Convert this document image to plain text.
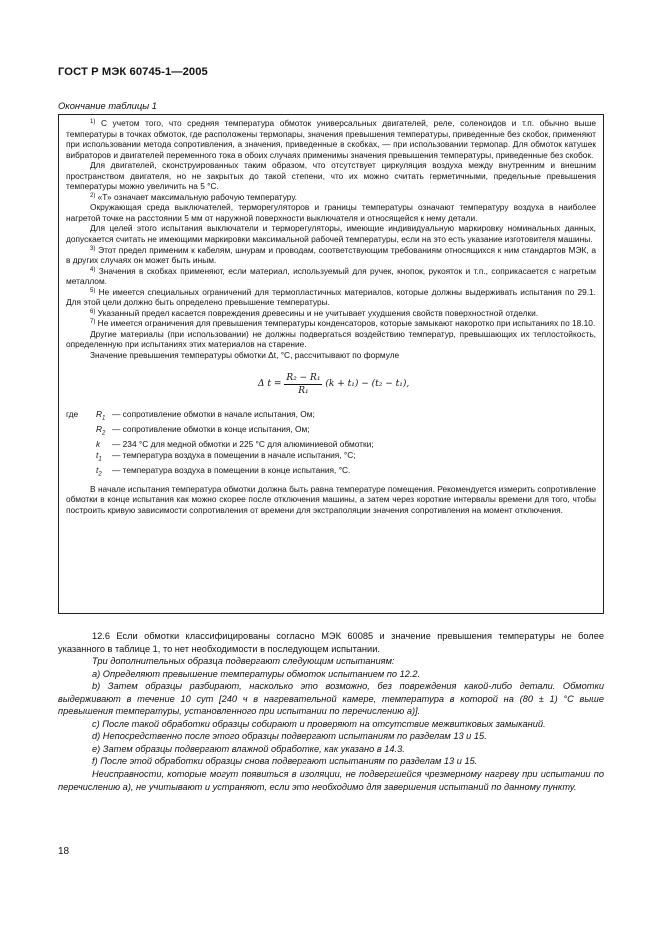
ГОСТ Р МЭК 60745-1—2005
Окончание таблицы 1

$^{1)}$ С учетом того, что средняя температура обмоток универсальных двигателей, реле, соленоидов и т.п. обычно выше температуры в точках обмоток, где расположены термопары, значения превышения температуры, приведенные без скобок, применяют при использовании метода сопротивления, а значения, приведенные в скобках, — при использовании термопар. Для обмоток катушек вибраторов и двигателей переменного тока в обоих случаях применимы значения превышения температуры, приведенные без скобок.

Для двигателей, сконструированных таким образом, что отсутствует циркуляция воздуха между внутренним и внешним пространством двигателя, но не закрытых до такой степени, что их можно считать герметичными, предельные превышения температуры можно увеличить на 5 °С.

$^{2)}$ «Т» означает максимальную рабочую температуру.

Окружающая среда выключателей, терморегуляторов и границы температуры означают температуру воздуха в наиболее нагретой точке на расстоянии 5 мм от наружной поверхности выключателя и относящейся к нему детали.

Для целей этого испытания выключатели и терморегуляторы, имеющие индивидуальную маркировку номинальных данных, допускается считать не имеющими маркировки максимальной рабочей температуры, если на это есть указание изготовителя машины.

$^{3)}$ Этот предел применим к кабелям, шнурам и проводам, соответствующим требованиям относящихся к ним стандартов МЭК, а в других случаях он может быть иным.

$^{4)}$ Значения в скобках применяют, если материал, используемый для ручек, кнопок, рукояток и т.п., соприкасается с нагретым металлом.

$^{5)}$ Не имеется специальных ограничений для термопластичных материалов, которые должны выдерживать испытания по 29.1. Для этой цели должно быть определено превышение температуры.

$^{6)}$ Указанный предел касается повреждения древесины и не учитывает ухудшения свойств поверхностной отделки.

$^{7)}$ Не имеется ограничения для превышения температуры конденсаторов, которые замыкают накоротко при испытаниях по 18.10.

Другие материалы (при использовании) не должны подвергаться воздействию температур, превышающих их теплостойкость, определенную при испытаниях этих материалов на старение.

Значение превышения температуры обмотки Δt, °С, рассчитывают по формуле

Δ $t = \frac{\text{R₂ − R₁}}{\text{R₁}} (k + t_1) - (t_2 - t_1)$,
где	$R_1$ — сопротивление обмотки в начале испытания, Ом;
$R_2$ — сопротивление обмотки в конце испытания, Ом;
k	— 234 °С для медной обмотки и 225 °С для алюминиевой обмотки;
$t_1$	— температура воздуха в помещении в начале испытания, °С;
$t_2$	— температура воздуха в помещении в конце испытания, °С.

В начале испытания температура обмотки должна быть равна температуре помещения. Рекомендуется измерить сопротивление обмотки в конце испытания как можно скорее после отключения машины, а затем через короткие интервалы времени для того, чтобы построить кривую зависимости сопротивления от времени для экстраполяции значения сопротивления на момент отключения.

12.6 Если обмотки классифицированы согласно МЭК 60085 и значение превышения температуры не более указанного в таблице 1, то нет необходимости в последующем испытании.

Три дополнительных образца подвергают следующим испытаниям:

a) Определяют превышение температуры обмоток испытанием по 12.2.

b) Затем образцы разбирают, насколько это возможно, без повреждения какой-либо детали. Обмотки выдерживают в течение 10 сут [240 ч в нагревательной камере, температура в которой на (80 ± 1) °С выше превышения температуры, установленного при испытании по перечислению а)].

c) После такой обработки образцы собирают и проверяют на отсутствие межвитковых замыканий.

d) Непосредственно после этого образцы подвергают испытаниям по разделам 13 и 15.

e) Затем образцы подвергают влажной обработке, как указано в 14.3.

f) После этой обработки образцы снова подвергают испытаниям по разделам 13 и 15.

Неисправности, которые могут появиться в изоляции, не подвергшейся чрезмерному нагреву при испытании по перечислению а), не учитывают и устраняют, если это необходимо для завершения испытаний по данному пункту.

18
